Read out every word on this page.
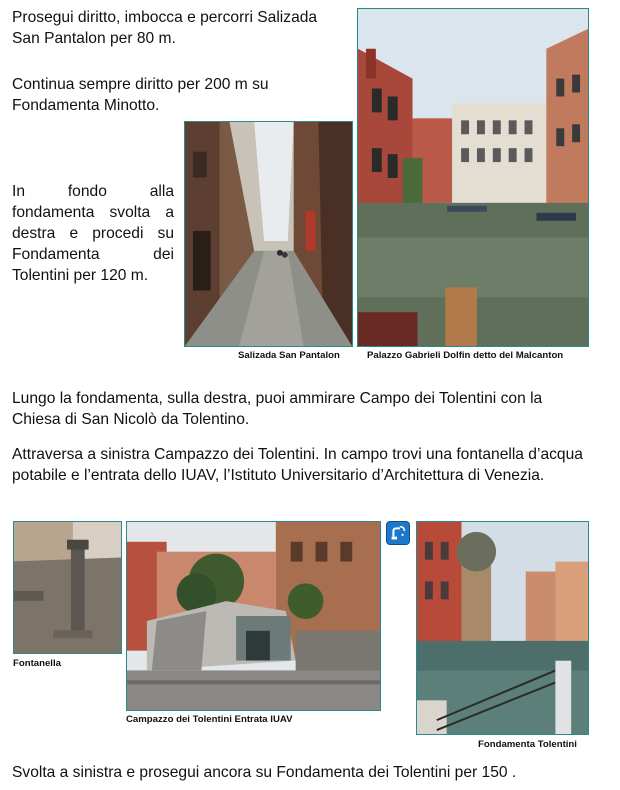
Prosegui diritto, imbocca e percorri Salizada San Pantalon per 80 m.
Continua sempre diritto per 200 m su Fondamenta Minotto.
In fondo alla fondamenta svolta a destra e procedi su Fondamenta dei Tolentini per 120 m.
Salizada San Pantalon	Palazzo Gabrieli Dolfin detto del Malcanton
Lungo la fondamenta, sulla destra, puoi ammirare Campo dei Tolentini con la Chiesa di San Nicolò da Tolentino.
Attraversa a sinistra Campazzo dei Tolentini. In campo trovi una fontanella d’acqua potabile e l’entrata dello IUAV, l’Istituto Universitario d’Architettura di Venezia.
Fontanella
Campazzo dei Tolentini Entrata IUAV
Fondamenta Tolentini
Svolta a sinistra e prosegui ancora su Fondamenta dei Tolentini per 150 .
